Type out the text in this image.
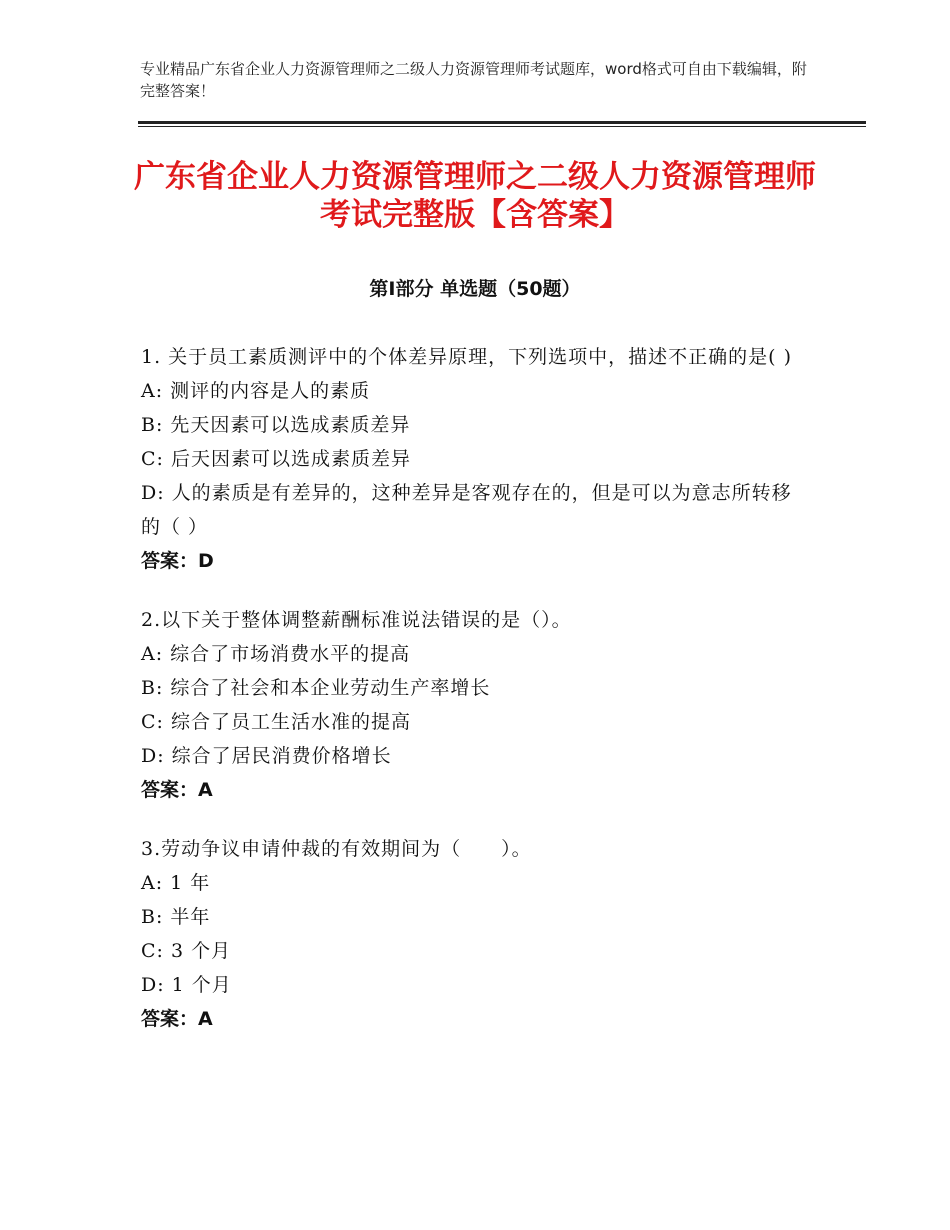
专业精品广东省企业人力资源管理师之二级人力资源管理师考试题库，word格式可自由下载编辑，附完整答案！
广东省企业人力资源管理师之二级人力资源管理师考试完整版【含答案】
第Ⅰ部分 单选题（50题）
1. 关于员工素质测评中的个体差异原理，下列选项中，描述不正确的是( )
A: 测评的内容是人的素质
B: 先天因素可以选成素质差异
C: 后天因素可以选成素质差异
D: 人的素质是有差异的，这种差异是客观存在的，但是可以为意志所转移的（ ）
答案：D
2.以下关于整体调整薪酬标准说法错误的是（）。
A: 综合了市场消费水平的提高
B: 综合了社会和本企业劳动生产率增长
C: 综合了员工生活水准的提高
D: 综合了居民消费价格增长
答案：A
3.劳动争议申请仲裁的有效期间为（　　）。
A: 1 年
B: 半年
C: 3 个月
D: 1 个月
答案：A
